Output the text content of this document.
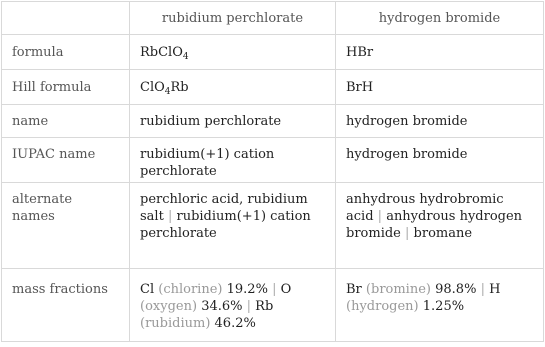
	rubidium perchlorate	hydrogen bromide
formula	RbClO$_4$	HBr
Hill formula	ClO$_4$Rb	BrH
name	rubidium perchlorate	hydrogen bromide
IUPAC name	rubidium(+1) cation perchlorate	hydrogen bromide
alternate names	perchloric acid, rubidium salt | rubidium(+1) cation perchlorate	anhydrous hydrobromic acid | anhydrous hydrogen bromide | bromane
mass fractions	Cl (chlorine) 19.2% | O (oxygen) 34.6% | Rb (rubidium) 46.2%	Br (bromine) 98.8% | H (hydrogen) 1.25%
